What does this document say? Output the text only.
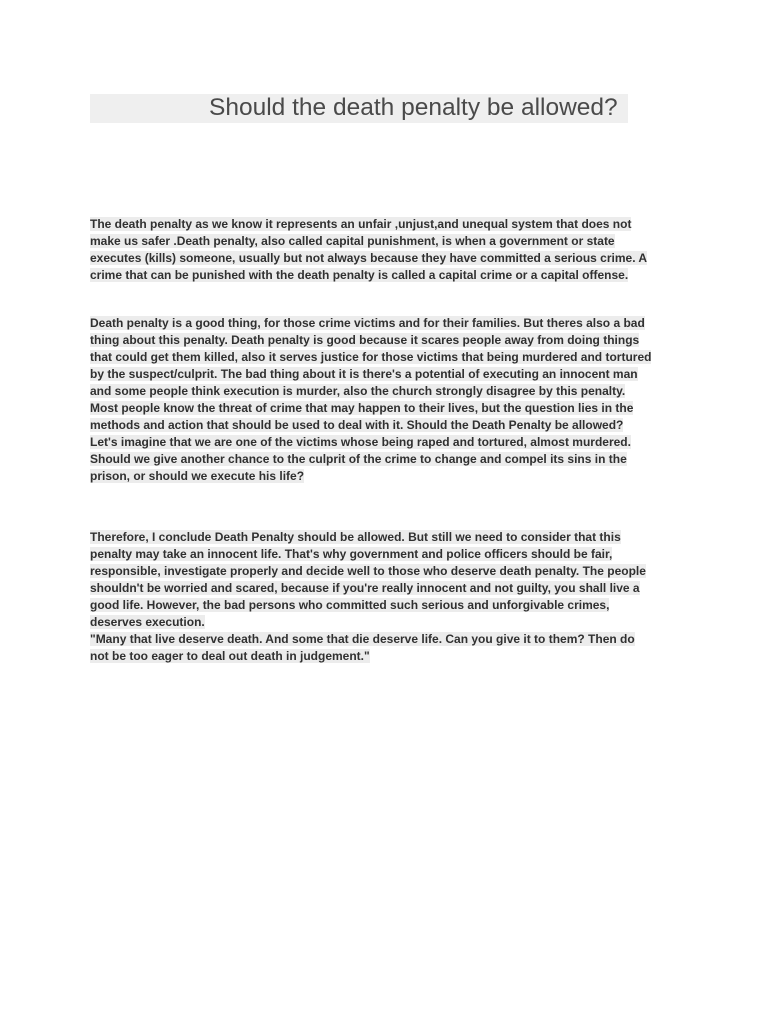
Should the death penalty be allowed?
The death penalty as we know it represents an unfair ,unjust,and unequal system that does not
make us safer .Death penalty, also called capital punishment, is when a government or state
executes (kills) someone, usually but not always because they have committed a serious crime. A
crime that can be punished with the death penalty is called a capital crime or a capital offense.
Death penalty is a good thing, for those crime victims and for their families. But theres also a bad
thing about this penalty. Death penalty is good because it scares people away from doing things
that could get them killed, also it serves justice for those victims that being murdered and tortured
by the suspect/culprit. The bad thing about it is there's a potential of executing an innocent man
and some people think execution is murder, also the church strongly disagree by this penalty.
Most people know the threat of crime that may happen to their lives, but the question lies in the
methods and action that should be used to deal with it. Should the Death Penalty be allowed?
Let's imagine that we are one of the victims whose being raped and tortured, almost murdered.
Should we give another chance to the culprit of the crime to change and compel its sins in the
prison, or should we execute his life?
Therefore, I conclude Death Penalty should be allowed. But still we need to consider that this
penalty may take an innocent life. That's why government and police officers should be fair,
responsible, investigate properly and decide well to those who deserve death penalty. The people
shouldn't be worried and scared, because if you're really innocent and not guilty, you shall live a
good life. However, the bad persons who committed such serious and unforgivable crimes,
deserves execution.
"Many that live deserve death. And some that die deserve life. Can you give it to them? Then do
not be too eager to deal out death in judgement."
